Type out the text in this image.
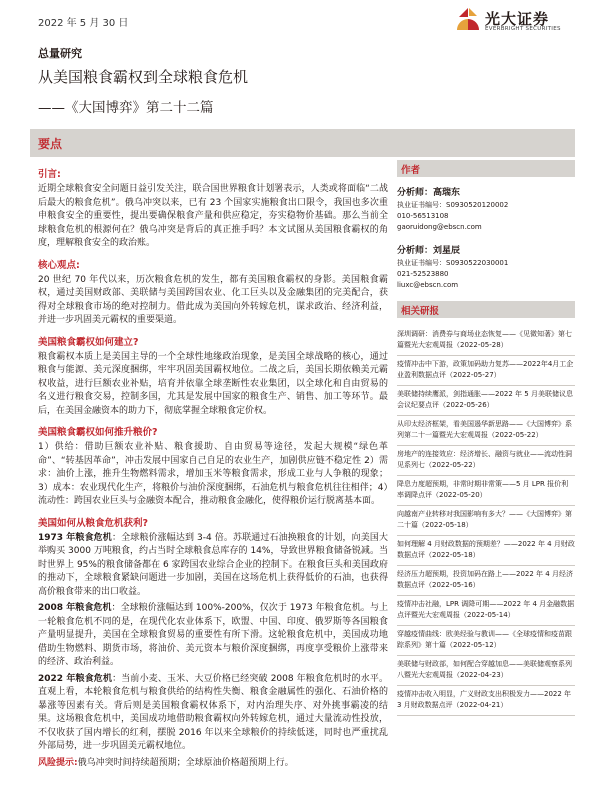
2022 年 5 月 30 日	光大证券
EVERBRIGHT SECURITIES
总量研究
从美国粮食霸权到全球粮食危机
——《大国博弈》第二十二篇
要点
引言:

近期全球粮食安全问题日益引发关注，联合国世界粮食计划署表示，人类或将面临“二战后最大的粮食危机”。俄乌冲突以来，已有 23 个国家实施粮食出口限令，我国也多次重申粮食安全的重要性，提出要确保粮食产量和供应稳定，夯实稳物价基础。那么当前全球粮食危机的根源何在？俄乌冲突是背后的真正推手吗？本文试图从美国粮食霸权的角度，理解粮食安全的政治账。

核心观点:

20 世纪 70 年代以来，历次粮食危机的发生，都有美国粮食霸权的身影。美国粮食霸权，通过美国财政部、美联储与美国跨国农业、化工巨头以及金融集团的完美配合，获得对全球粮食市场的绝对控制力。借此成为美国向外转嫁危机，谋求政治、经济利益，并进一步巩固美元霸权的重要渠道。

美国粮食霸权如何建立?

粮食霸权本质上是美国主导的一个全球性地缘政治现象，是美国全球战略的核心，通过粮食与能源、美元深度捆绑，牢牢巩固美国霸权地位。二战之后，美国长期依赖美元霸权收益，进行巨额农业补贴，培育并依靠全球垄断性农业集团，以全球化和自由贸易的名义进行粮食交易，控制多国，尤其是发展中国家的粮食生产、销售、加工等环节。最后，在美国金融资本的助力下，彻底掌握全球粮食定价权。

美国粮食霸权如何推升粮价?

1）供给：借助巨额农业补贴、粮食援助、自由贸易等途径，发起大规模“绿色革命”、“转基因革命”，冲击发展中国家自己自足的农业生产，加剧供应链不稳定性 2）需求：油价上涨，推升生物燃料需求，增加玉米等粮食需求，形成工业与人争粮的现象；3）成本：农业现代化生产，将粮价与油价深度捆绑，石油危机与粮食危机往往相伴；4）流动性：跨国农业巨头与金融资本配合，推动粮食金融化，使得粮价运行脱离基本面。

美国如何从粮食危机获利?

1973 年粮食危机：全球粮价涨幅达到 3-4 倍。苏联通过石油换粮食的计划，向美国大举购买 3000 万吨粮食，约占当时全球粮食总库存的 14%，导致世界粮食储备锐减。当时世界上 95%的粮食储备都在 6 家跨国农业综合企业的控制下。在粮食巨头和美国政府的推动下，全球粮食紧缺问题进一步加剧，美国在这场危机上获得低价的石油，也获得高价粮食带来的出口收益。

2008 年粮食危机：全球粮价涨幅达到 100%-200%，仅次于 1973 年粮食危机。与上一轮粮食危机不同的是，在现代化农业体系下，欧盟、中国、印度、俄罗斯等各国粮食产量明显提升，美国在全球粮食贸易的重要性有所下滑。这轮粮食危机中，美国成功地借助生物燃料、期货市场，将油价、美元资本与粮价深度捆绑，再度享受粮价上涨带来的经济、政治利益。

2022 年粮食危机：当前小麦、玉米、大豆价格已经突破 2008 年粮食危机时的水平。直观上看，本轮粮食危机与粮食供给的结构性失衡、粮食金融属性的强化、石油价格的暴涨等因素有关。背后则是美国粮食霸权体系下，对内治理失序、对外挑事霸凌的结果。这场粮食危机中，美国成功地借助粮食霸权向外转嫁危机，通过大量流动性投放，不仅收获了国内增长的红利，摆脱 2016 年以来全球粮价的持续低迷，同时也严重扰乱外部局势，进一步巩固美元霸权地位。

风险提示:俄乌冲突时间持续超预期；全球原油价格超预期上行。

作者
分析师：高瑞东
执业证书编号：S0930520120002
010-56513108
gaoruidong@ebscn.com
分析师：刘星辰
执业证书编号：S0930522030001
021-52523880
liuxc@ebscn.com
相关研报
深圳调研：消费券与商场业态恢复——《见微知著》第七篇暨光大宏观周报（2022-05-28）
疫情冲击中下游，政策加码助力复苏——2022年4月工企业盈利数据点评（2022-05-27）
美联储持续鹰派，剑指通胀——2022 年 5 月美联储议息会议纪要点评（2022-05-26）
从印太经济框架，看美国遏华新思路——《大国博弈》系列第二十一篇暨光大宏观周报（2022-05-22）
房地产的连接效应：经济增长、融资与就业——流动性洞见系列七（2022-05-22）
降息力度超预期，非常时期非常策——5 月 LPR 报价利率调降点评（2022-05-20）
向越南产业转移对我国影响有多大？——《大国博弈》第二十篇（2022-05-18）
如何理解 4 月财政数据的预期差？——2022 年 4 月财政数据点评（2022-05-18）
经济压力超预期，投资加码在路上——2022 年 4 月经济数据点评（2022-05-16）
疫情冲击社融，LPR 调降可期——2022 年 4 月金融数据点评暨光大宏观周报（2022-05-14）
穿越疫情曲线：欧美经验与教训——《全球疫情和疫苗跟踪系列》第十篇（2022-05-12）
美联储与财政部，如何配合穿越加息——美联储观察系列八暨光大宏观周报（2022-04-23）
疫情冲击收入明显，广义财政支出积极发力——2022 年 3 月财政数据点评（2022-04-21）
